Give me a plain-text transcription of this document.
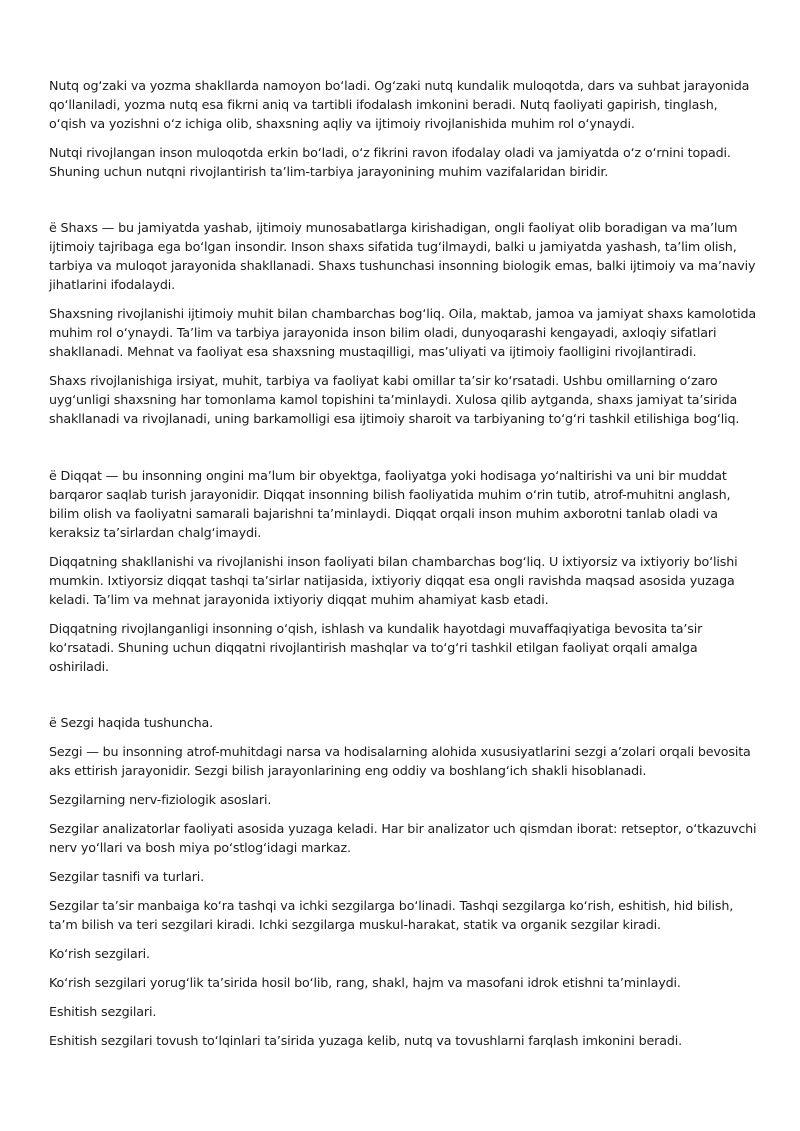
Nutq og‘zaki va yozma shakllarda namoyon bo‘ladi. Og‘zaki nutq kundalik muloqotda, dars va suhbat jarayonida qo‘llaniladi, yozma nutq esa fikrni aniq va tartibli ifodalash imkonini beradi. Nutq faoliyati gapirish, tinglash, o‘qish va yozishni o‘z ichiga olib, shaxsning aqliy va ijtimoiy rivojlanishida muhim rol o‘ynaydi.

Nutqi rivojlangan inson muloqotda erkin bo‘ladi, o‘z fikrini ravon ifodalay oladi va jamiyatda o‘z o‘rnini topadi. Shuning uchun nutqni rivojlantirish ta’lim-tarbiya jarayonining muhim vazifalaridan biridir.

ё Shaxs — bu jamiyatda yashab, ijtimoiy munosabatlarga kirishadigan, ongli faoliyat olib boradigan va ma’lum ijtimoiy tajribaga ega bo‘lgan insondir. Inson shaxs sifatida tug‘ilmaydi, balki u jamiyatda yashash, ta’lim olish, tarbiya va muloqot jarayonida shakllanadi. Shaxs tushunchasi insonning biologik emas, balki ijtimoiy va ma’naviy jihatlarini ifodalaydi.

Shaxsning rivojlanishi ijtimoiy muhit bilan chambarchas bog‘liq. Oila, maktab, jamoa va jamiyat shaxs kamolotida muhim rol o‘ynaydi. Ta’lim va tarbiya jarayonida inson bilim oladi, dunyoqarashi kengayadi, axloqiy sifatlari shakllanadi. Mehnat va faoliyat esa shaxsning mustaqilligi, mas’uliyati va ijtimoiy faolligini rivojlantiradi.

Shaxs rivojlanishiga irsiyat, muhit, tarbiya va faoliyat kabi omillar ta’sir ko‘rsatadi. Ushbu omillarning o‘zaro uyg‘unligi shaxsning har tomonlama kamol topishini ta’minlaydi. Xulosa qilib aytganda, shaxs jamiyat ta’sirida shakllanadi va rivojlanadi, uning barkamolligi esa ijtimoiy sharoit va tarbiyaning to‘g‘ri tashkil etilishiga bog‘liq.

ё Diqqat — bu insonning ongini ma’lum bir obyektga, faoliyatga yoki hodisaga yo‘naltirishi va uni bir muddat barqaror saqlab turish jarayonidir. Diqqat insonning bilish faoliyatida muhim o‘rin tutib, atrof-muhitni anglash, bilim olish va faoliyatni samarali bajarishni ta’minlaydi. Diqqat orqali inson muhim axborotni tanlab oladi va keraksiz ta’sirlardan chalg‘imaydi.

Diqqatning shakllanishi va rivojlanishi inson faoliyati bilan chambarchas bog‘liq. U ixtiyorsiz va ixtiyoriy bo‘lishi mumkin. Ixtiyorsiz diqqat tashqi ta’sirlar natijasida, ixtiyoriy diqqat esa ongli ravishda maqsad asosida yuzaga keladi. Ta’lim va mehnat jarayonida ixtiyoriy diqqat muhim ahamiyat kasb etadi.

Diqqatning rivojlanganligi insonning o‘qish, ishlash va kundalik hayotdagi muvaffaqiyatiga bevosita ta’sir ko‘rsatadi. Shuning uchun diqqatni rivojlantirish mashqlar va to‘g‘ri tashkil etilgan faoliyat orqali amalga oshiriladi.

ё Sezgi haqida tushuncha.

Sezgi — bu insonning atrof-muhitdagi narsa va hodisalarning alohida xususiyatlarini sezgi a’zolari orqali bevosita aks ettirish jarayonidir. Sezgi bilish jarayonlarining eng oddiy va boshlang‘ich shakli hisoblanadi.

Sezgilarning nerv-fiziologik asoslari.

Sezgilar analizatorlar faoliyati asosida yuzaga keladi. Har bir analizator uch qismdan iborat: retseptor, o‘tkazuvchi nerv yo‘llari va bosh miya po‘stlog‘idagi markaz.

Sezgilar tasnifi va turlari.

Sezgilar ta’sir manbaiga ko‘ra tashqi va ichki sezgilarga bo‘linadi. Tashqi sezgilarga ko‘rish, eshitish, hid bilish, ta’m bilish va teri sezgilari kiradi. Ichki sezgilarga muskul-harakat, statik va organik sezgilar kiradi.

Ko‘rish sezgilari.

Ko‘rish sezgilari yorug‘lik ta’sirida hosil bo‘lib, rang, shakl, hajm va masofani idrok etishni ta’minlaydi.

Eshitish sezgilari.

Eshitish sezgilari tovush to‘lqinlari ta’sirida yuzaga kelib, nutq va tovushlarni farqlash imkonini beradi.
